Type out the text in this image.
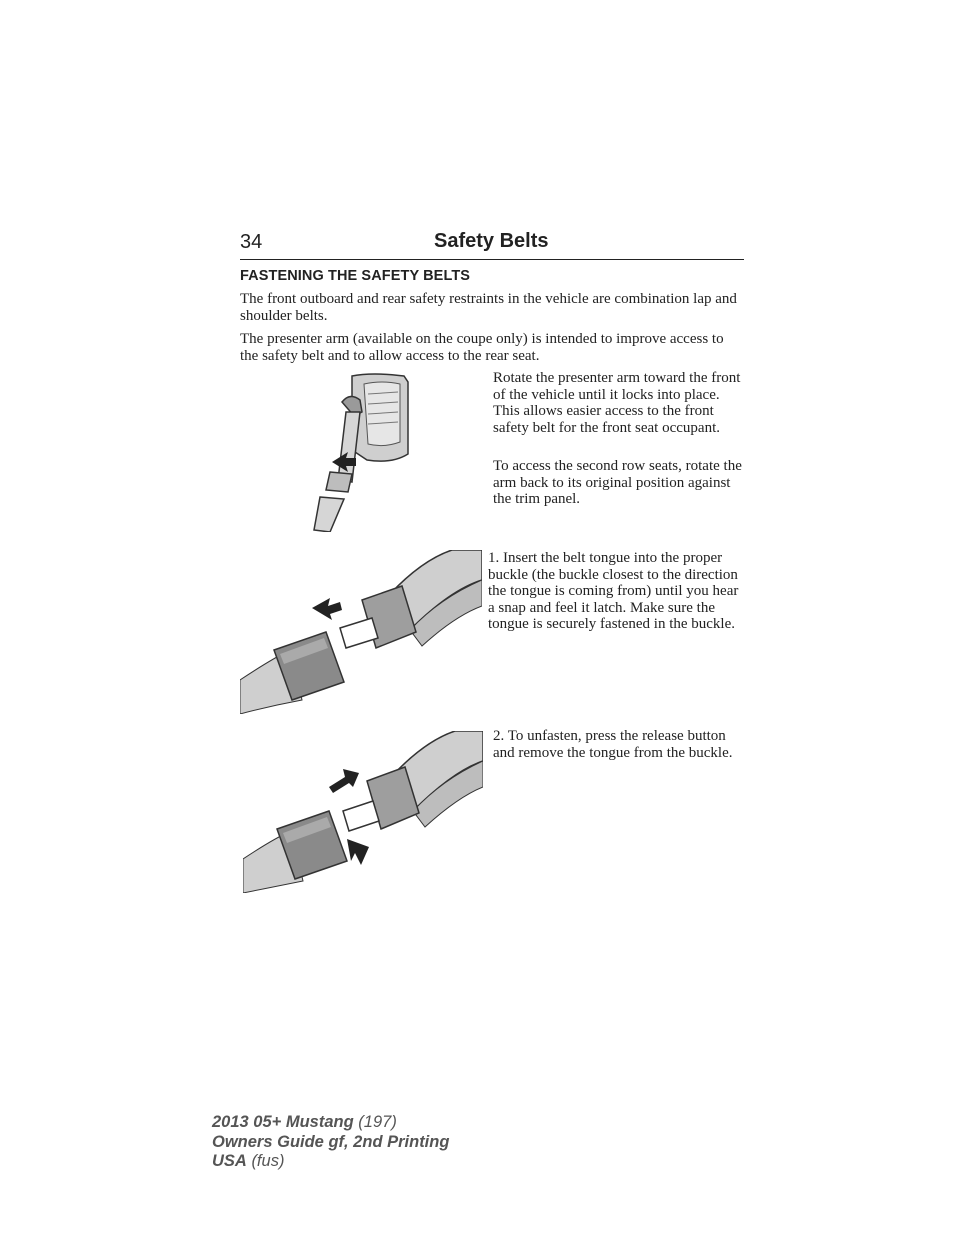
34	Safety Belts
FASTENING THE SAFETY BELTS

The front outboard and rear safety restraints in the vehicle are combination lap and shoulder belts.

The presenter arm (available on the coupe only) is intended to improve access to the safety belt and to allow access to the rear seat.

Rotate the presenter arm toward the front of the vehicle until it locks into place. This allows easier access to the front safety belt for the front seat occupant.

To access the second row seats, rotate the arm back to its original position against the trim panel.

1. Insert the belt tongue into the proper buckle (the buckle closest to the direction the tongue is coming from) until you hear a snap and feel it latch. Make sure the tongue is securely fastened in the buckle.

2. To unfasten, press the release button and remove the tongue from the buckle.

2013 05+ Mustang (197)
Owners Guide gf, 2nd Printing
USA (fus)
